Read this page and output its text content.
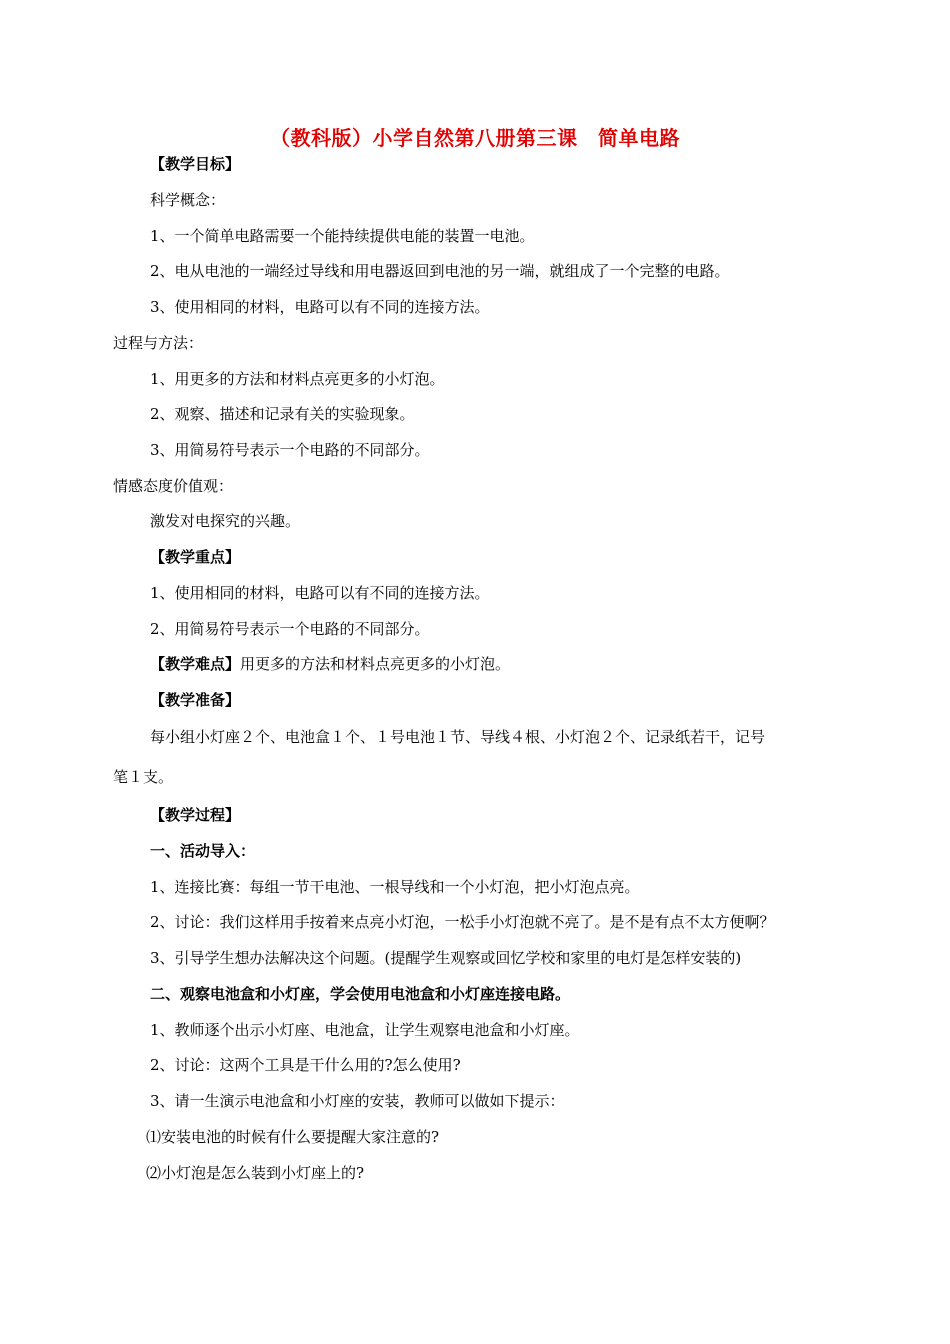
（教科版）小学自然第八册第三课　简单电路
【教学目标】
科学概念：
1、一个简单电路需要一个能持续提供电能的装置一电池。
2、电从电池的一端经过导线和用电器返回到电池的另一端，就组成了一个完整的电路。
3、使用相同的材料，电路可以有不同的连接方法。
过程与方法：
1、用更多的方法和材料点亮更多的小灯泡。
2、观察、描述和记录有关的实验现象。
3、用简易符号表示一个电路的不同部分。
情感态度价值观：
激发对电探究的兴趣。
【教学重点】
1、使用相同的材料，电路可以有不同的连接方法。
2、用简易符号表示一个电路的不同部分。
【教学难点】用更多的方法和材料点亮更多的小灯泡。
【教学准备】
每小组小灯座２个、电池盒１个、１号电池１节、导线４根、小灯泡２个、记录纸若干，记号
笔１支。
【教学过程】
一、活动导入：
1、连接比赛：每组一节干电池、一根导线和一个小灯泡，把小灯泡点亮。
2、讨论：我们这样用手按着来点亮小灯泡，一松手小灯泡就不亮了。是不是有点不太方便啊？
3、引导学生想办法解决这个问题。(提醒学生观察或回忆学校和家里的电灯是怎样安装的)
二、观察电池盒和小灯座，学会使用电池盒和小灯座连接电路。
1、教师逐个出示小灯座、电池盒，让学生观察电池盒和小灯座。
2、讨论：这两个工具是干什么用的?怎么使用?
3、请一生演示电池盒和小灯座的安装，教师可以做如下提示：
⑴安装电池的时候有什么要提醒大家注意的?
⑵小灯泡是怎么装到小灯座上的?
